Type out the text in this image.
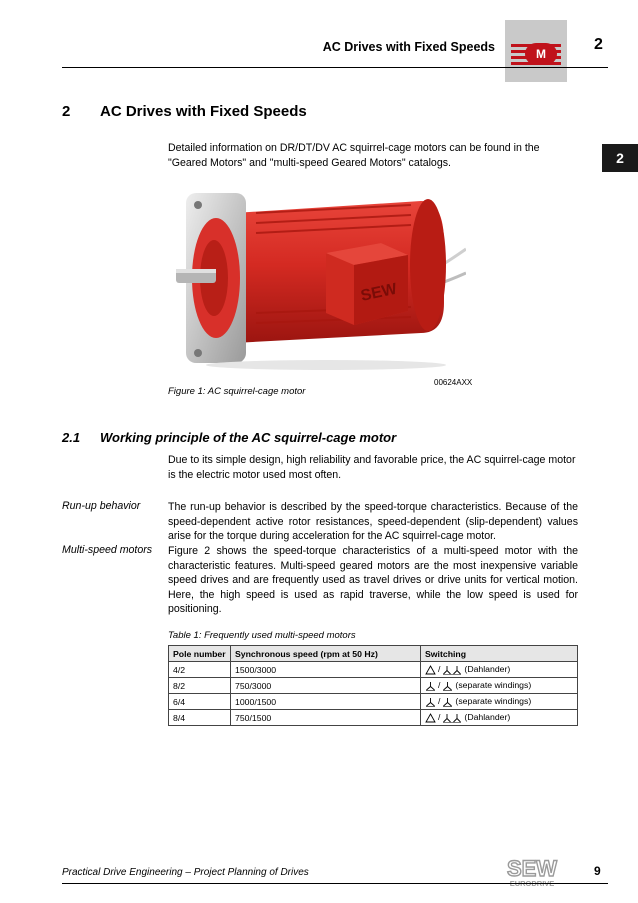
AC Drives with Fixed Speeds	M
2
2
2 AC Drives with Fixed Speeds
Detailed information on DR/DT/DV AC squirrel-cage motors can be found in the "Geared Motors" and "multi-speed Geared Motors" catalogs.
SEW
00624AXX
Figure 1: AC squirrel-cage motor
2.1 Working principle of the AC squirrel-cage motor
Due to its simple design, high reliability and favorable price, the AC squirrel-cage motor is the electric motor used most often.
Run-up behavior	The run-up behavior is described by the speed-torque characteristics. Because of the speed-dependent active rotor resistances, speed-dependent (slip-dependent) values arise for the torque during acceleration for the AC squirrel-cage motor.
Multi-speed motors Figure 2 shows the speed-torque characteristics of a multi-speed motor with the characteristic features. Multi-speed geared motors are the most inexpensive variable speed drives and are frequently used as travel drives or drive units for vertical motion. Here, the high speed is used as rapid traverse, while the low speed is used for positioning.
Table 1: Frequently used multi-speed motors
Pole number	Synchronous speed (rpm at 50 Hz)	Switching
4/2	1500/3000	/ (Dahlander)
8/2	750/3000	/ (separate windings)
6/4	1000/1500	/ (separate windings)
8/4	750/1500	/ (Dahlander)
Practical Drive Engineering – Project Planning of Drives	SEW	9
